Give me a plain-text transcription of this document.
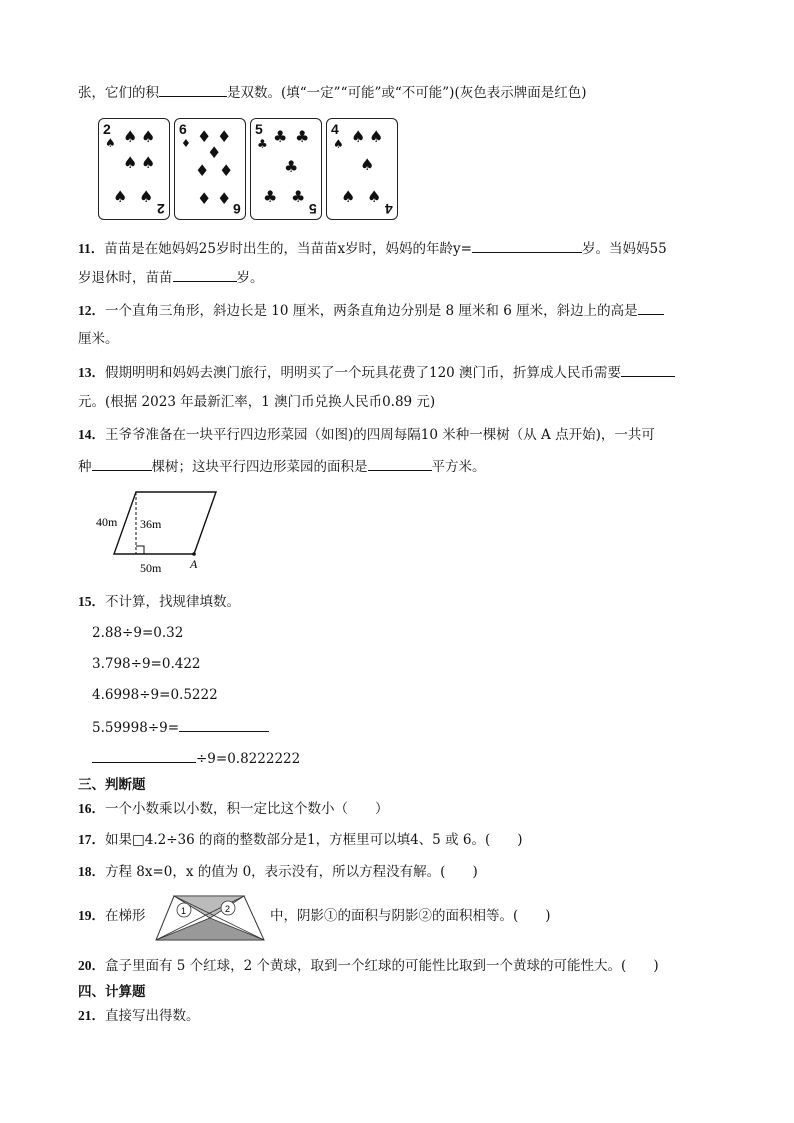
张，它们的积	是双数。(填“一定”“可能”或“不可能”)(灰色表示牌面是红色)
2
♠ ♠ ♠
♠ ♠
♠ ♠
2
6
♦ ♦ ♦
♦
♦ ♦
♦ ♦
6
5
♣ ♣ ♣
♣
♣ ♣
5
4
♠ ♠ ♠
♠
♠ ♠
4
11．苗苗是在她妈妈25岁时出生的，当苗苗x岁时，妈妈的年龄y=	岁。当妈妈55
岁退休时，苗苗	岁。
12．一个直角三角形，斜边长是 10 厘米，两条直角边分别是 8 厘米和 6 厘米，斜边上的高是
厘米。
13．假期明明和妈妈去澳门旅行，明明买了一个玩具花费了120 澳门币，折算成人民币需要
元。(根据 2023 年最新汇率，1 澳门币兑换人民币0.89 元)
14．王爷爷准备在一块平行四边形菜园（如图)的四周每隔10 米种一棵树（从 A 点开始)，一共可
种	棵树；这块平行四边形菜园的面积是	平方米。
40m 36m
50m A
15．不计算，找规律填数。
2.88÷9=0.32
3.798÷9=0.422
4.6998÷9=0.5222
5.59998÷9=
÷9=0.8222222
三、判断题
16．一个小数乘以小数，积一定比这个数小（　　）
17．如果□4.2÷36 的商的整数部分是1，方框里可以填4、5 或 6。(　　)
18．方程 8x=0，x 的值为 0，表示没有，所以方程没有解。(　　)
19．在梯形	1	2	中，阴影①的面积与阴影②的面积相等。(　　)
20．盒子里面有 5 个红球，2 个黄球，取到一个红球的可能性比取到一个黄球的可能性大。(　　)
四、计算题
21．直接写出得数。
